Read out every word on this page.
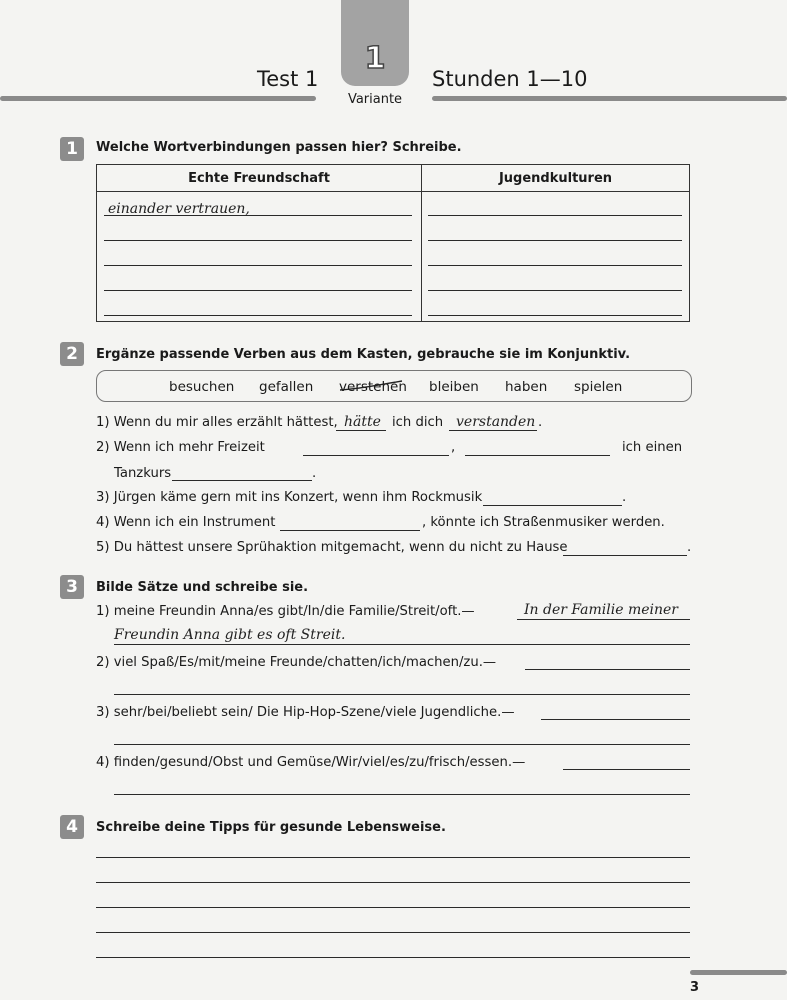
Test 1
1
Variante
Stunden 1—10
1	Welche Wortverbindungen passen hier? Schreibe.
Echte Freundschaft	Jugendkulturen
einander vertrauen,
2	Ergänze passende Verben aus dem Kasten, gebrauche sie im Konjunktiv.
besuchen gefallen verstehen bleiben haben spielen
1) Wenn du mir alles erzählt hättest, hätte ich dich verstanden .
2) Wenn ich mehr Freizeit	,	ich einen
Tanzkurs	.
3) Jürgen käme gern mit ins Konzert, wenn ihm Rockmusik	.
4) Wenn ich ein Instrument	, könnte ich Straßenmusiker werden.
5) Du hättest unsere Sprühaktion mitgemacht, wenn du nicht zu Hause	.
3	Bilde Sätze und schreibe sie.
1) meine Freundin Anna/es gibt/In/die Familie/Streit/oft.—	In der Familie meiner
Freundin Anna gibt es oft Streit.
2) viel Spaß/Es/mit/meine Freunde/chatten/ich/machen/zu.—
3) sehr/bei/beliebt sein/ Die Hip-Hop-Szene/viele Jugendliche.—
4) finden/gesund/Obst und Gemüse/Wir/viel/es/zu/frisch/essen.—
4	Schreibe deine Tipps für gesunde Lebensweise.
3
